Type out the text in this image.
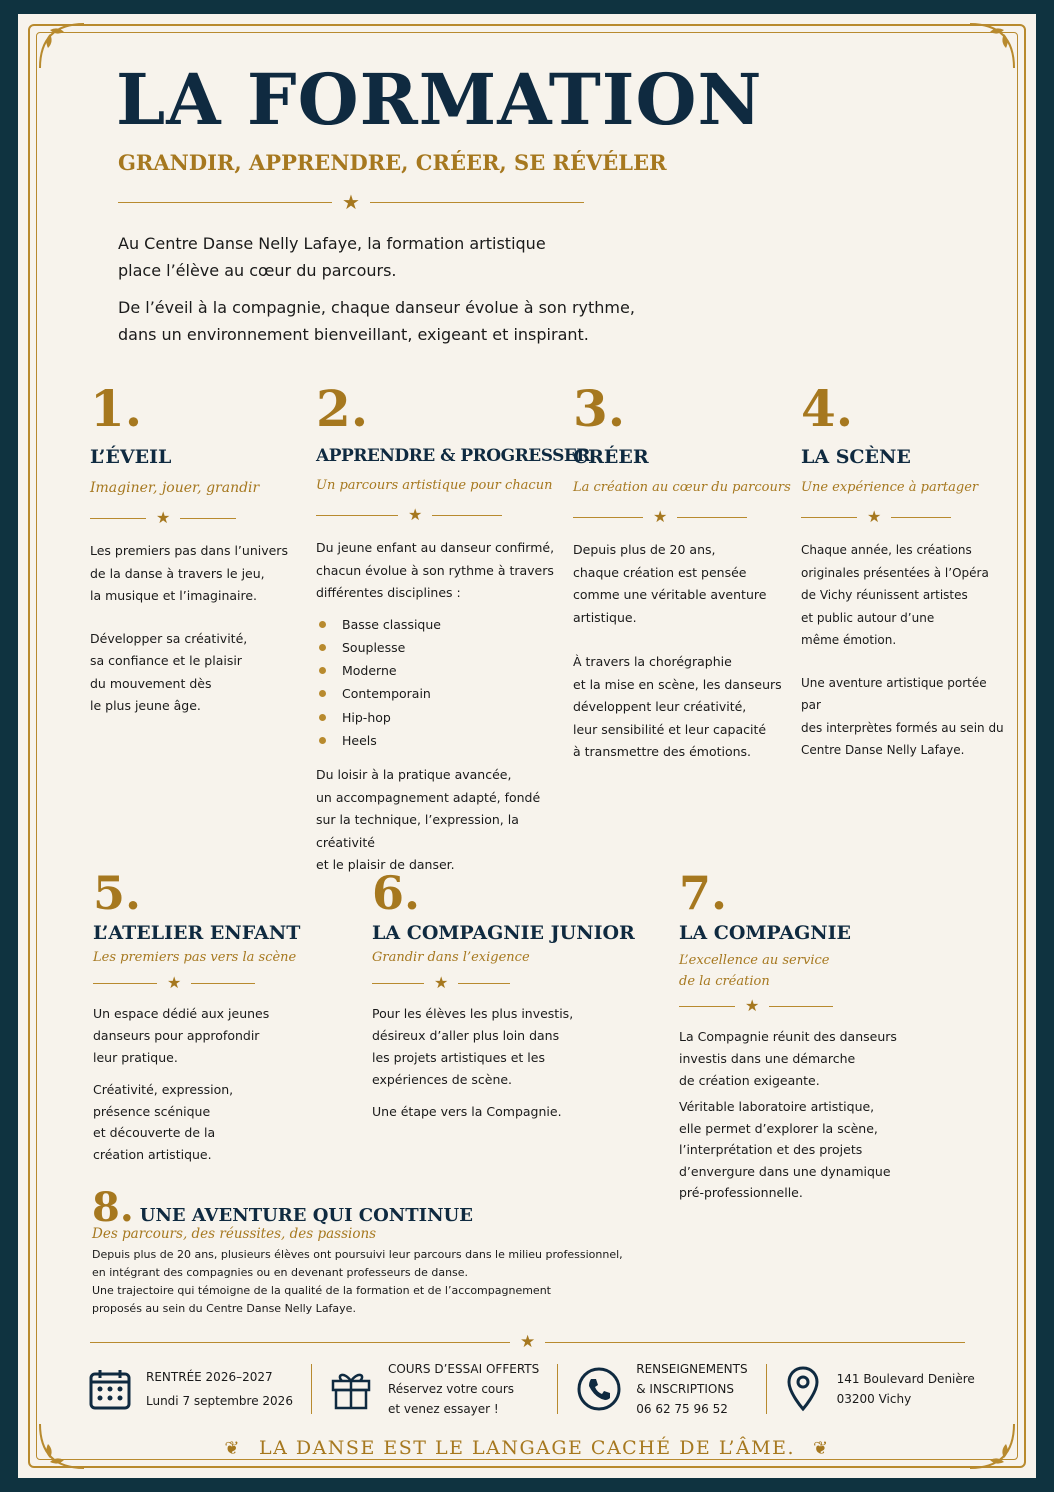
LA FORMATION
GRANDIR, APPRENDRE, CRÉER, SE RÉVÉLER
★

Au Centre Danse Nelly Lafaye, la formation artistique
place l’élève au cœur du parcours.

De l’éveil à la compagnie, chaque danseur évolue à son rythme,
dans un environnement bienveillant, exigeant et inspirant.

1.
L’ÉVEIL
Imaginer, jouer, grandir
★

Les premiers pas dans l’univers
de la danse à travers le jeu,
la musique et l’imaginaire.

Développer sa créativité,
sa confiance et le plaisir
du mouvement dès
le plus jeune âge.

2.
APPRENDRE & PROGRESSER
Un parcours artistique pour chacun
★

Du jeune enfant au danseur confirmé,
chacun évolue à son rythme à travers
différentes disciplines :

Basse classique
Souplesse
Moderne
Contemporain
Hip-hop
Heels

Du loisir à la pratique avancée,
un accompagnement adapté, fondé
sur la technique, l’expression, la créativité
et le plaisir de danser.

3.
CRÉER
La création au cœur du parcours
★

Depuis plus de 20 ans,
chaque création est pensée
comme une véritable aventure
artistique.

À travers la chorégraphie
et la mise en scène, les danseurs
développent leur créativité,
leur sensibilité et leur capacité
à transmettre des émotions.

4.
LA SCÈNE
Une expérience à partager
★

Chaque année, les créations
originales présentées à l’Opéra
de Vichy réunissent artistes
et public autour d’une
même émotion.

Une aventure artistique portée par
des interprètes formés au sein du
Centre Danse Nelly Lafaye.

5.
L’ATELIER ENFANT
Les premiers pas vers la scène
★

Un espace dédié aux jeunes
danseurs pour approfondir
leur pratique.

Créativité, expression,
présence scénique
et découverte de la
création artistique.

6.
LA COMPAGNIE JUNIOR
Grandir dans l’exigence
★

Pour les élèves les plus investis,
désireux d’aller plus loin dans
les projets artistiques et les
expériences de scène.

Une étape vers la Compagnie.

7.
LA COMPAGNIE
L’excellence au service
de la création
★

La Compagnie réunit des danseurs
investis dans une démarche
de création exigeante.

Véritable laboratoire artistique,
elle permet d’explorer la scène,
l’interprétation et des projets
d’envergure dans une dynamique
pré-professionnelle.

8. UNE AVENTURE QUI CONTINUE
Des parcours, des réussites, des passions

Depuis plus de 20 ans, plusieurs élèves ont poursuivi leur parcours dans le milieu professionnel,
en intégrant des compagnies ou en devenant professeurs de danse.
Une trajectoire qui témoigne de la qualité de la formation et de l’accompagnement
proposés au sein du Centre Danse Nelly Lafaye.

★
RENTRÉE 2026–2027
Lundi 7 septembre 2026
COURS D’ESSAI OFFERTS
Réservez votre cours
et venez essayer !
RENSEIGNEMENTS
& INSCRIPTIONS
06 62 75 96 52
141 Boulevard Denière
03200 Vichy
❦ LA DANSE EST LE LANGAGE CACHÉ DE L’ÂME. ❦
